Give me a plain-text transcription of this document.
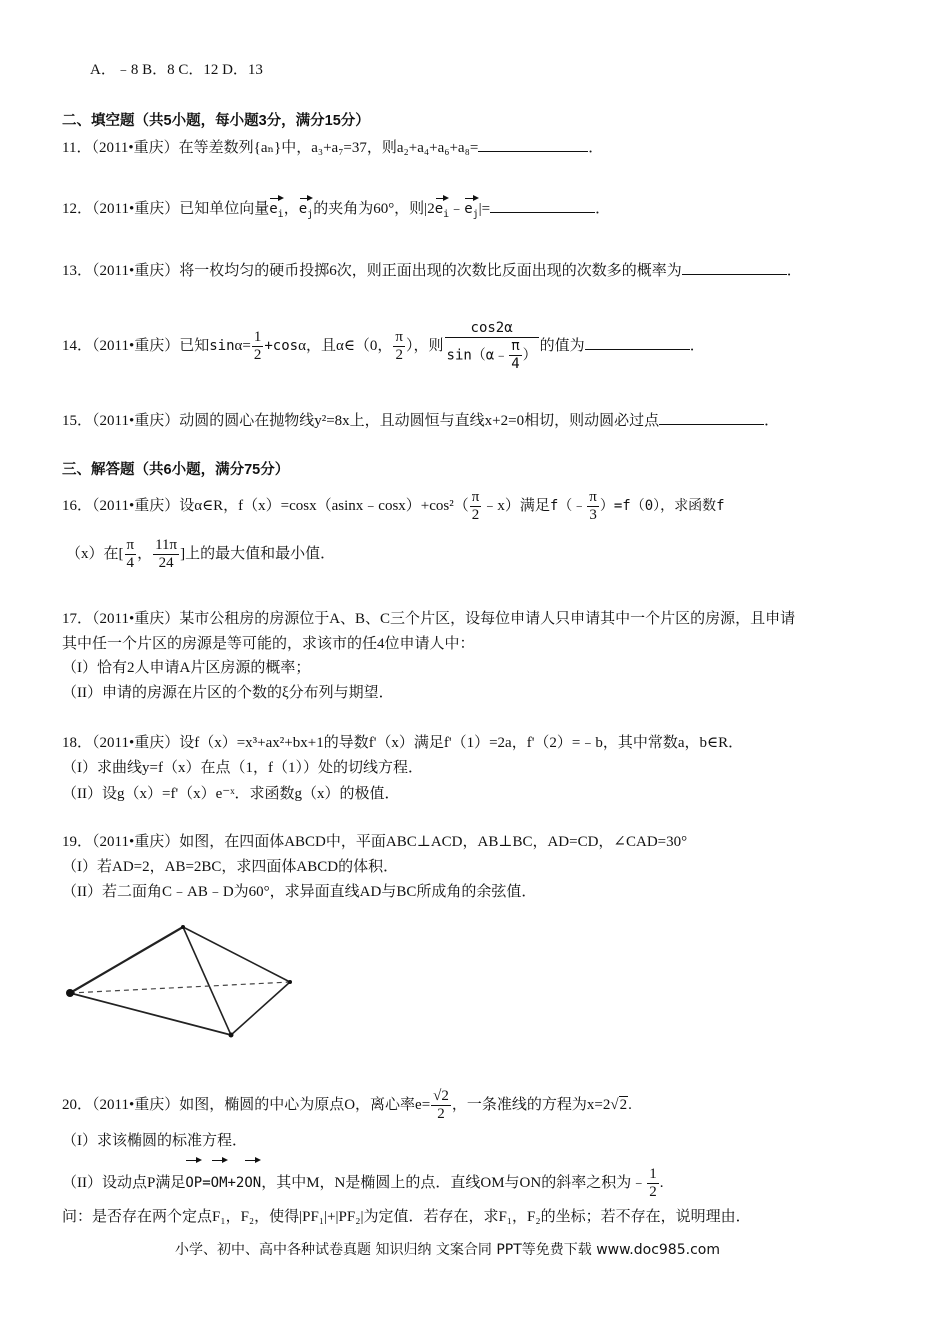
A．﹣8 B．8 C．12 D．13
二、填空题（共5小题，每小题3分，满分15分）
11．（2011•重庆）在等差数列{aₙ}中，a₃+a₇=37，则a₂+a₄+a₆+a₈=	．
12．（2011•重庆）已知单位向量$e_i$，$e_j$的夹角为60°，则$|2e_i﹣e_j|=$	．
13．（2011•重庆）将一枚均匀的硬币投掷6次，则正面出现的次数比反面出现的次数多的概率为	．
14．（2011•重庆）已知$\sin\alpha= \frac{1}{2} +\cos\alpha$，且α∈（0， $\frac{\pi}{2}$ ），则 $\frac{\cos 2\alpha}{\sin(\alpha﹣ \frac{\pi}{4} )}$ 的值为	．
15．（2011•重庆）动圆的圆心在抛物线y²=8x上，且动圆恒与直线x+2=0相切，则动圆必过点	．
三、解答题（共6小题，满分75分）
16．（2011•重庆）设α∈R，f（x）=cosx（asinx﹣cosx）+cos²（ $\frac{\pi}{2}$ ﹣x）满足f（﹣ $\frac{\pi}{3} )=f(0)$，求函数f
（x）在[ $\frac{\pi}{4}$ ， $\frac{11\pi}{24}$ ]上的最大值和最小值．
17．（2011•重庆）某市公租房的房源位于A、B、C三个片区，设每位申请人只申请其中一个片区的房源，且申请
其中任一个片区的房源是等可能的，求该市的任4位申请人中：
（I）恰有2人申请A片区房源的概率；
（II）申请的房源在片区的个数的ξ分布列与期望．
18．（2011•重庆）设f（x）=x³+ax²+bx+1的导数f'（x）满足f'（1）=2a，f'（2）=﹣b，其中常数a，b∈R．
（I）求曲线y=f（x）在点（1，f（1））处的切线方程．
（II）设g（x）=f'（x）e⁻ˣ．求函数g（x）的极值．
19．（2011•重庆）如图，在四面体ABCD中，平面ABC⊥ACD，AB⊥BC，AD=CD，∠CAD=30°
（I）若AD=2，AB=2BC，求四面体ABCD的体积．
（II）若二面角C﹣AB﹣D为60°，求异面直线AD与BC所成角的余弦值．
20．（2011•重庆）如图，椭圆的中心为原点O，离心率$e= \frac{√2}{2}$ ，一条准线的方程为x=2√2.
（I）求该椭圆的标准方程．
（II）设动点P满足OP=OM+2ON，其中M，N是椭圆上的点．直线OM与ON的斜率之积为﹣ $\frac{1}{2}$ .
问：是否存在两个定点F₁，F₂，使得|PF₁|+|PF₂|为定值．若存在，求F₁，F₂的坐标；若不存在，说明理由．
小学、初中、高中各种试卷真题 知识归纳 文案合同 PPT等免费下载 www.doc985.com
